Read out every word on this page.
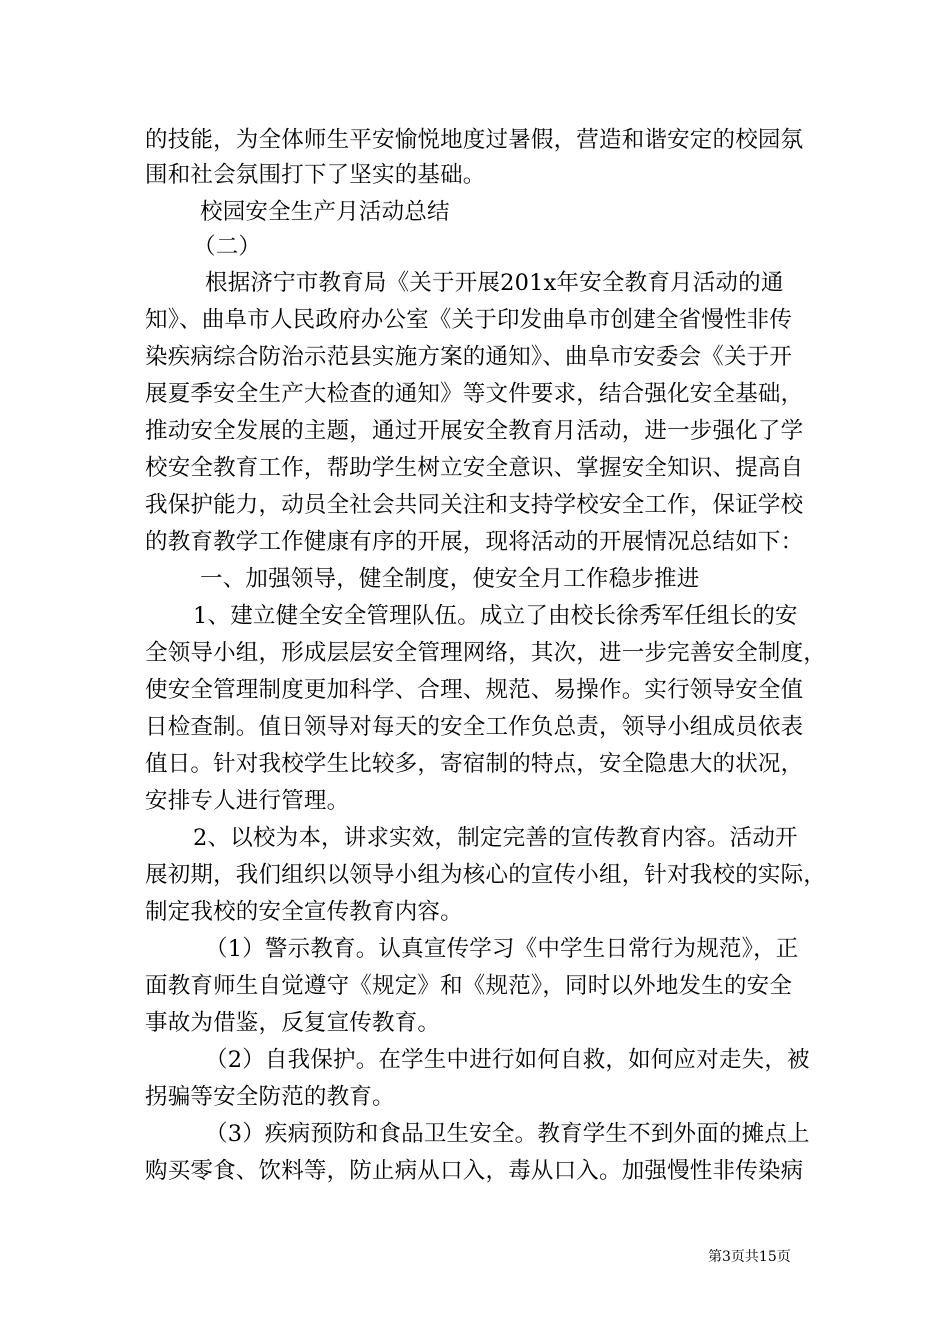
的技能，为全体师生平安愉悦地度过暑假，营造和谐安定的校园氛
围和社会氛围打下了坚实的基础。
校园安全生产月活动总结
（二）
根据济宁市教育局《关于开展201x年安全教育月活动的通
知》、曲阜市人民政府办公室《关于印发曲阜市创建全省慢性非传
染疾病综合防治示范县实施方案的通知》、曲阜市安委会《关于开
展夏季安全生产大检查的通知》等文件要求，结合强化安全基础，
推动安全发展的主题，通过开展安全教育月活动，进一步强化了学
校安全教育工作，帮助学生树立安全意识、掌握安全知识、提高自
我保护能力，动员全社会共同关注和支持学校安全工作，保证学校
的教育教学工作健康有序的开展，现将活动的开展情况总结如下：
一、加强领导，健全制度，使安全月工作稳步推进
1、建立健全安全管理队伍。成立了由校长徐秀军任组长的安
全领导小组，形成层层安全管理网络，其次，进一步完善安全制度，
使安全管理制度更加科学、合理、规范、易操作。实行领导安全值
日检查制。值日领导对每天的安全工作负总责，领导小组成员依表
值日。针对我校学生比较多，寄宿制的特点，安全隐患大的状况，
安排专人进行管理。
2、以校为本，讲求实效，制定完善的宣传教育内容。活动开
展初期，我们组织以领导小组为核心的宣传小组，针对我校的实际，
制定我校的安全宣传教育内容。
（1）警示教育。认真宣传学习《中学生日常行为规范》，正
面教育师生自觉遵守《规定》和《规范》，同时以外地发生的安全
事故为借鉴，反复宣传教育。
（2）自我保护。在学生中进行如何自救，如何应对走失，被
拐骗等安全防范的教育。
（3）疾病预防和食品卫生安全。教育学生不到外面的摊点上
购买零食、饮料等，防止病从口入，毒从口入。加强慢性非传染病
第3页共15页
